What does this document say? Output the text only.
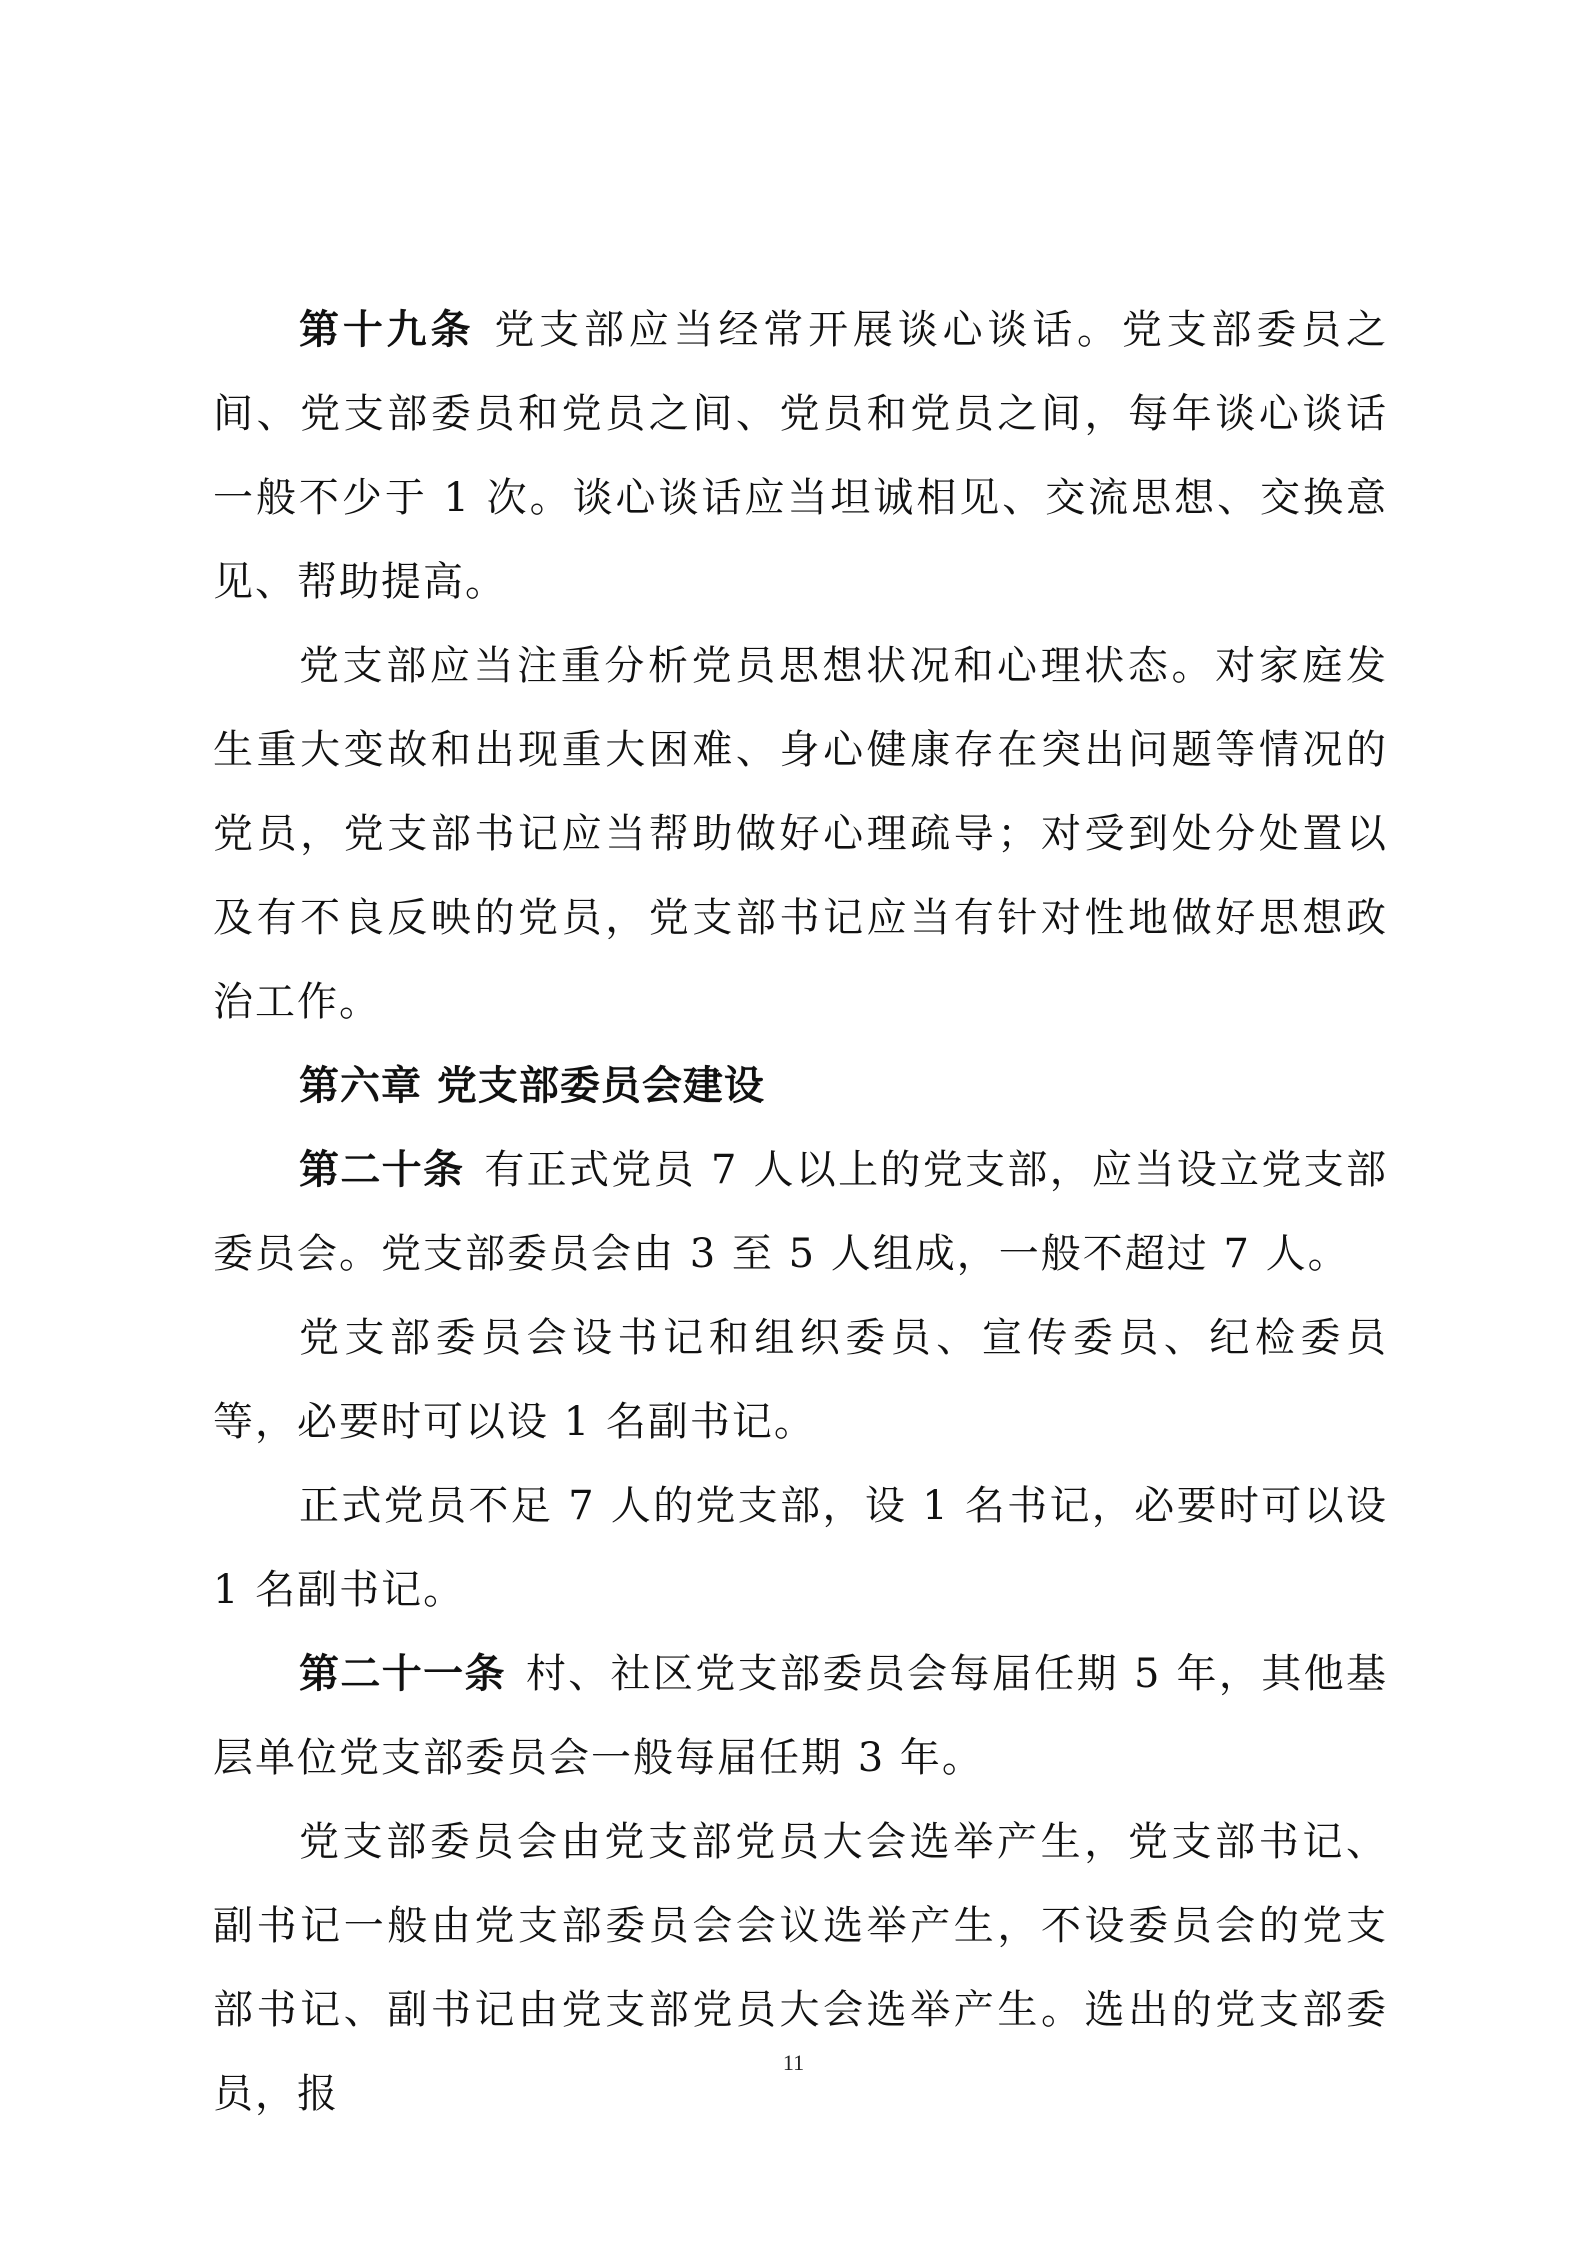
第十九条 党支部应当经常开展谈心谈话。党支部委员之间、党支部委员和党员之间、党员和党员之间，每年谈心谈话一般不少于 1 次。谈心谈话应当坦诚相见、交流思想、交换意见、帮助提高。

党支部应当注重分析党员思想状况和心理状态。对家庭发生重大变故和出现重大困难、身心健康存在突出问题等情况的党员，党支部书记应当帮助做好心理疏导；对受到处分处置以及有不良反映的党员，党支部书记应当有针对性地做好思想政治工作。

第六章 党支部委员会建设

第二十条 有正式党员 7 人以上的党支部，应当设立党支部委员会。党支部委员会由 3 至 5 人组成，一般不超过 7 人。

党支部委员会设书记和组织委员、宣传委员、纪检委员等，必要时可以设 1 名副书记。

正式党员不足 7 人的党支部，设 1 名书记，必要时可以设 1 名副书记。

第二十一条 村、社区党支部委员会每届任期 5 年，其他基层单位党支部委员会一般每届任期 3 年。

党支部委员会由党支部党员大会选举产生，党支部书记、副书记一般由党支部委员会会议选举产生，不设委员会的党支部书记、副书记由党支部党员大会选举产生。选出的党支部委员，报

11
